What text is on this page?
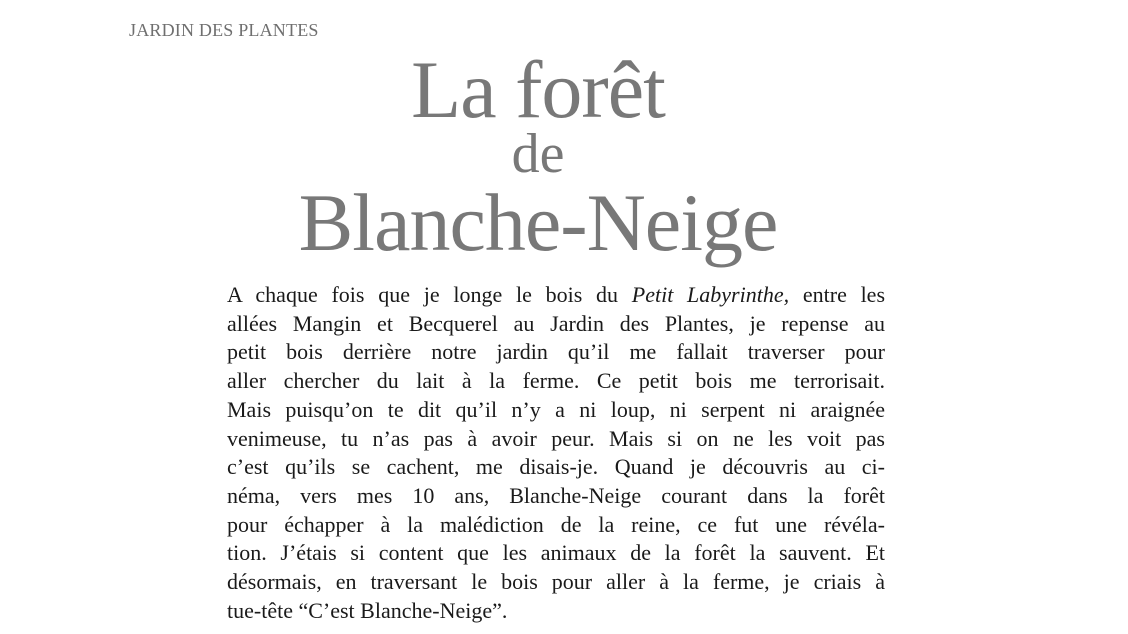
JARDIN DES PLANTES
La forêt
de
Blanche-Neige
A chaque fois que je longe le bois du Petit Labyrinthe, entre les
allées Mangin et Becquerel au Jardin des Plantes, je repense au
petit bois derrière notre jardin qu’il me fallait traverser pour
aller chercher du lait à la ferme. Ce petit bois me terrorisait.
Mais puisqu’on te dit qu’il n’y a ni loup, ni serpent ni araignée
venimeuse, tu n’as pas à avoir peur. Mais si on ne les voit pas
c’est qu’ils se cachent, me disais-je. Quand je découvris au ci-
néma, vers mes 10 ans, Blanche-Neige courant dans la forêt
pour échapper à la malédiction de la reine, ce fut une révéla-
tion. J’étais si content que les animaux de la forêt la sauvent. Et
désormais, en traversant le bois pour aller à la ferme, je criais à
tue-tête “C’est Blanche-Neige”.
